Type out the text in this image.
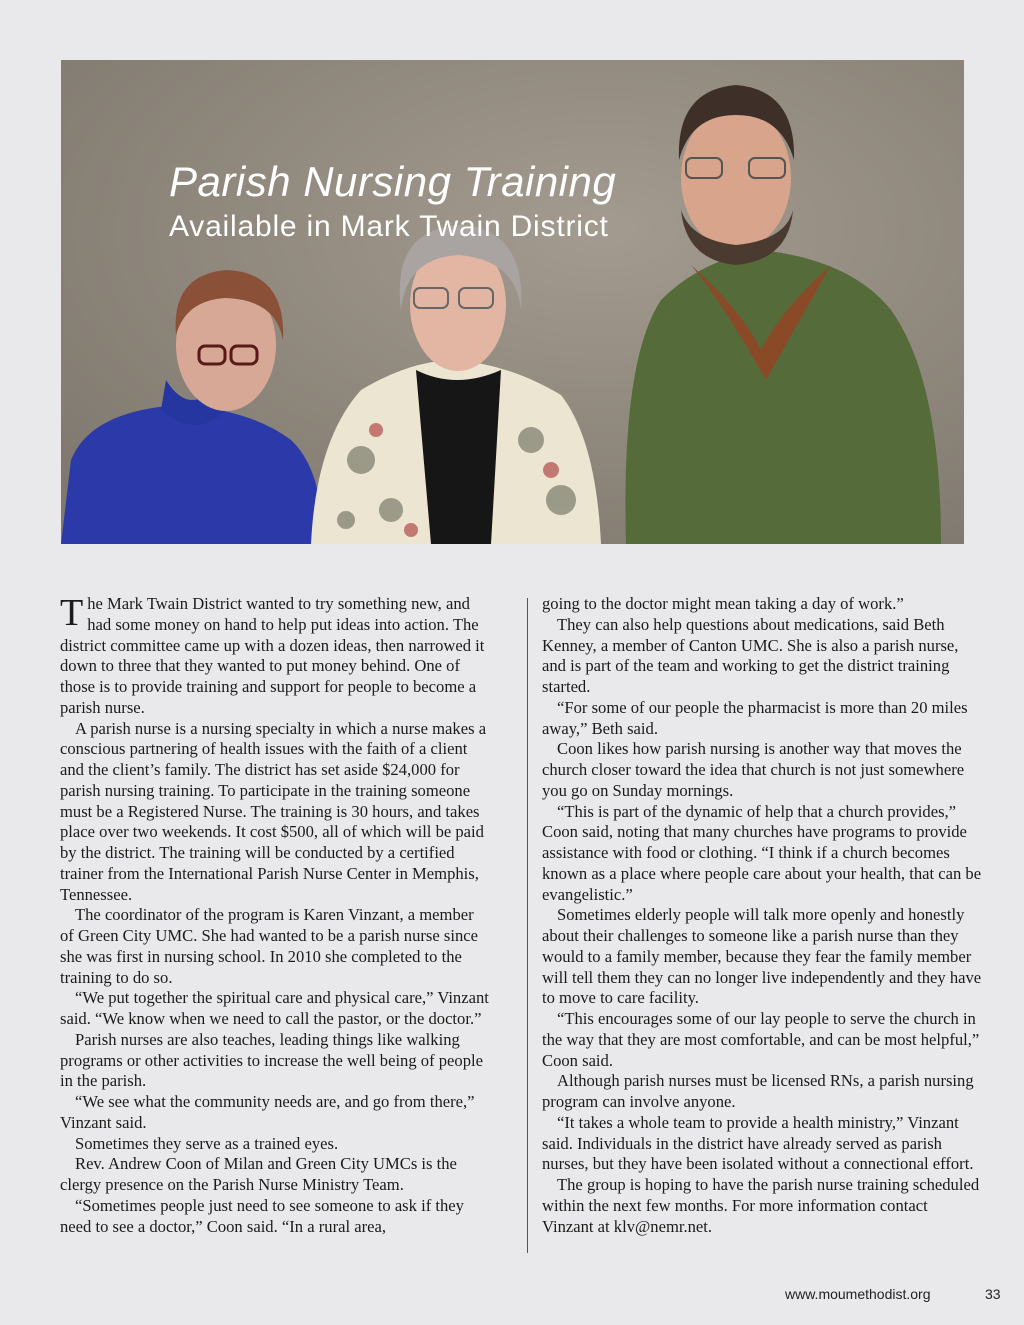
Parish Nursing Training
Available in Mark Twain District

The Mark Twain District wanted to try something new, and had some money on hand to help put ideas into action. The district committee came up with a dozen ideas, then narrowed it down to three that they wanted to put money behind. One of those is to provide training and support for people to become a parish nurse.

A parish nurse is a nursing specialty in which a nurse makes a conscious partnering of health issues with the faith of a client and the client’s family. The district has set aside $24,000 for parish nursing training. To participate in the training someone must be a Registered Nurse. The training is 30 hours, and takes place over two weekends. It cost $500, all of which will be paid by the district. The training will be conducted by a certified trainer from the International Parish Nurse Center in Memphis, Tennessee.

The coordinator of the program is Karen Vinzant, a member of Green City UMC. She had wanted to be a parish nurse since she was first in nursing school. In 2010 she completed to the training to do so.

“We put together the spiritual care and physical care,” Vinzant said. “We know when we need to call the pastor, or the doctor.”

Parish nurses are also teaches, leading things like walking programs or other activities to increase the well being of people in the parish.

“We see what the community needs are, and go from there,” Vinzant said.

Sometimes they serve as a trained eyes.

Rev. Andrew Coon of Milan and Green City UMCs is the clergy presence on the Parish Nurse Ministry Team.

“Sometimes people just need to see someone to ask if they need to see a doctor,” Coon said. “In a rural area,

going to the doctor might mean taking a day of work.”

They can also help questions about medications, said Beth Kenney, a member of Canton UMC. She is also a parish nurse, and is part of the team and working to get the district training started.

“For some of our people the pharmacist is more than 20 miles away,” Beth said.

Coon likes how parish nursing is another way that moves the church closer toward the idea that church is not just somewhere you go on Sunday mornings.

“This is part of the dynamic of help that a church provides,” Coon said, noting that many churches have programs to provide assistance with food or clothing. “I think if a church becomes known as a place where people care about your health, that can be evangelistic.”

Sometimes elderly people will talk more openly and honestly about their challenges to someone like a parish nurse than they would to a family member, because they fear the family member will tell them they can no longer live independently and they have to move to care facility.

“This encourages some of our lay people to serve the church in the way that they are most comfortable, and can be most helpful,” Coon said.

Although parish nurses must be licensed RNs, a parish nursing program can involve anyone.

“It takes a whole team to provide a health ministry,” Vinzant said. Individuals in the district have already served as parish nurses, but they have been isolated without a connectional effort.

The group is hoping to have the parish nurse training scheduled within the next few months. For more information contact Vinzant at klv@nemr.net.

www.moumethodist.org	33
